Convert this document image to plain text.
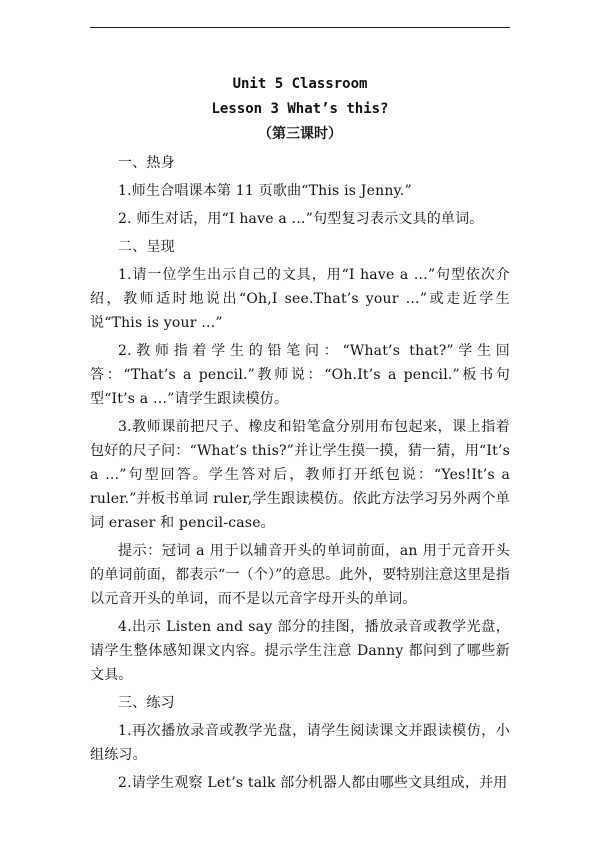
Unit 5 Classroom
Lesson 3 What’s this?
（第三课时）

一、热身

1.师生合唱课本第 11 页歌曲“This is Jenny.”

2. 师生对话，用“I have a …”句型复习表示文具的单词。

二、呈现

1.请一位学生出示自己的文具，用“I have a …”句型依次介绍，教师适时地说出“Oh,I see.That’s your …”或走近学生说“This is your …”

2.教师指着学生的铅笔问：“What’s that?”学生回答：“That’s a pencil.”教师说：“Oh.It’s a pencil.”板书句型“It’s a …”请学生跟读模仿。

3.教师课前把尺子、橡皮和铅笔盒分别用布包起来，课上指着包好的尺子问：“What’s this?”并让学生摸一摸，猜一猜，用“It’s a …”句型回答。学生答对后，教师打开纸包说：“Yes!It’s a ruler.”并板书单词 ruler,学生跟读模仿。依此方法学习另外两个单词 eraser 和 pencil-case。

提示：冠词 a 用于以辅音开头的单词前面，an 用于元音开头的单词前面，都表示“一（个）”的意思。此外，要特别注意这里是指以元音开头的单词，而不是以元音字母开头的单词。

4.出示 Listen and say 部分的挂图，播放录音或教学光盘，请学生整体感知课文内容。提示学生注意 Danny 都问到了哪些新文具。

三、练习

1.再次播放录音或教学光盘，请学生阅读课文并跟读模仿，小组练习。

2.请学生观察 Let’s talk 部分机器人都由哪些文具组成，并用
